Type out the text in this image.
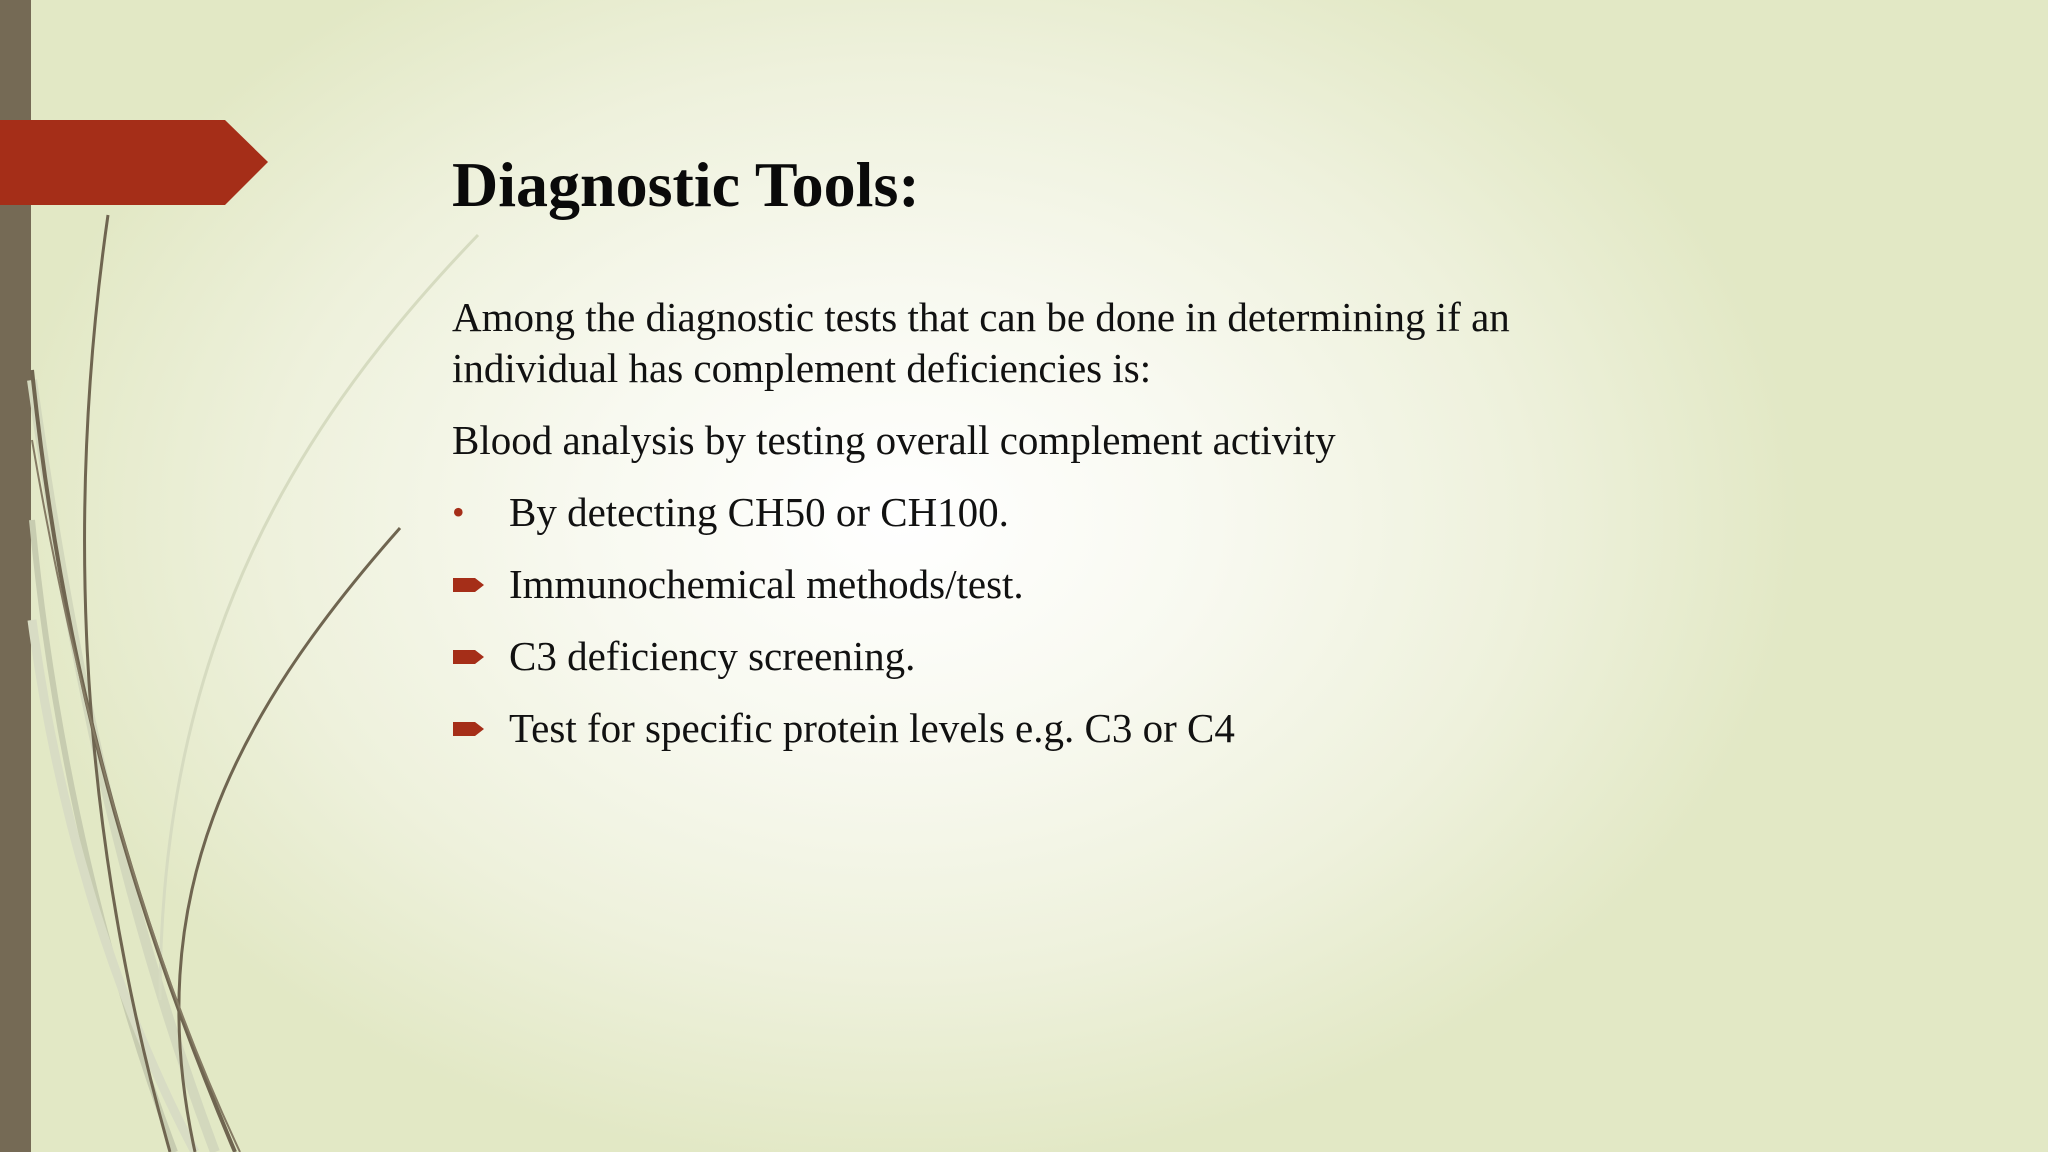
Diagnostic Tools:

Among the diagnostic tests that can be done in determining if an individual has complement deficiencies is:

Blood analysis by testing overall complement activity

•	By detecting CH50 or CH100.
Immunochemical methods/test.
C3 deficiency screening.
Test for specific protein levels e.g. C3 or C4
